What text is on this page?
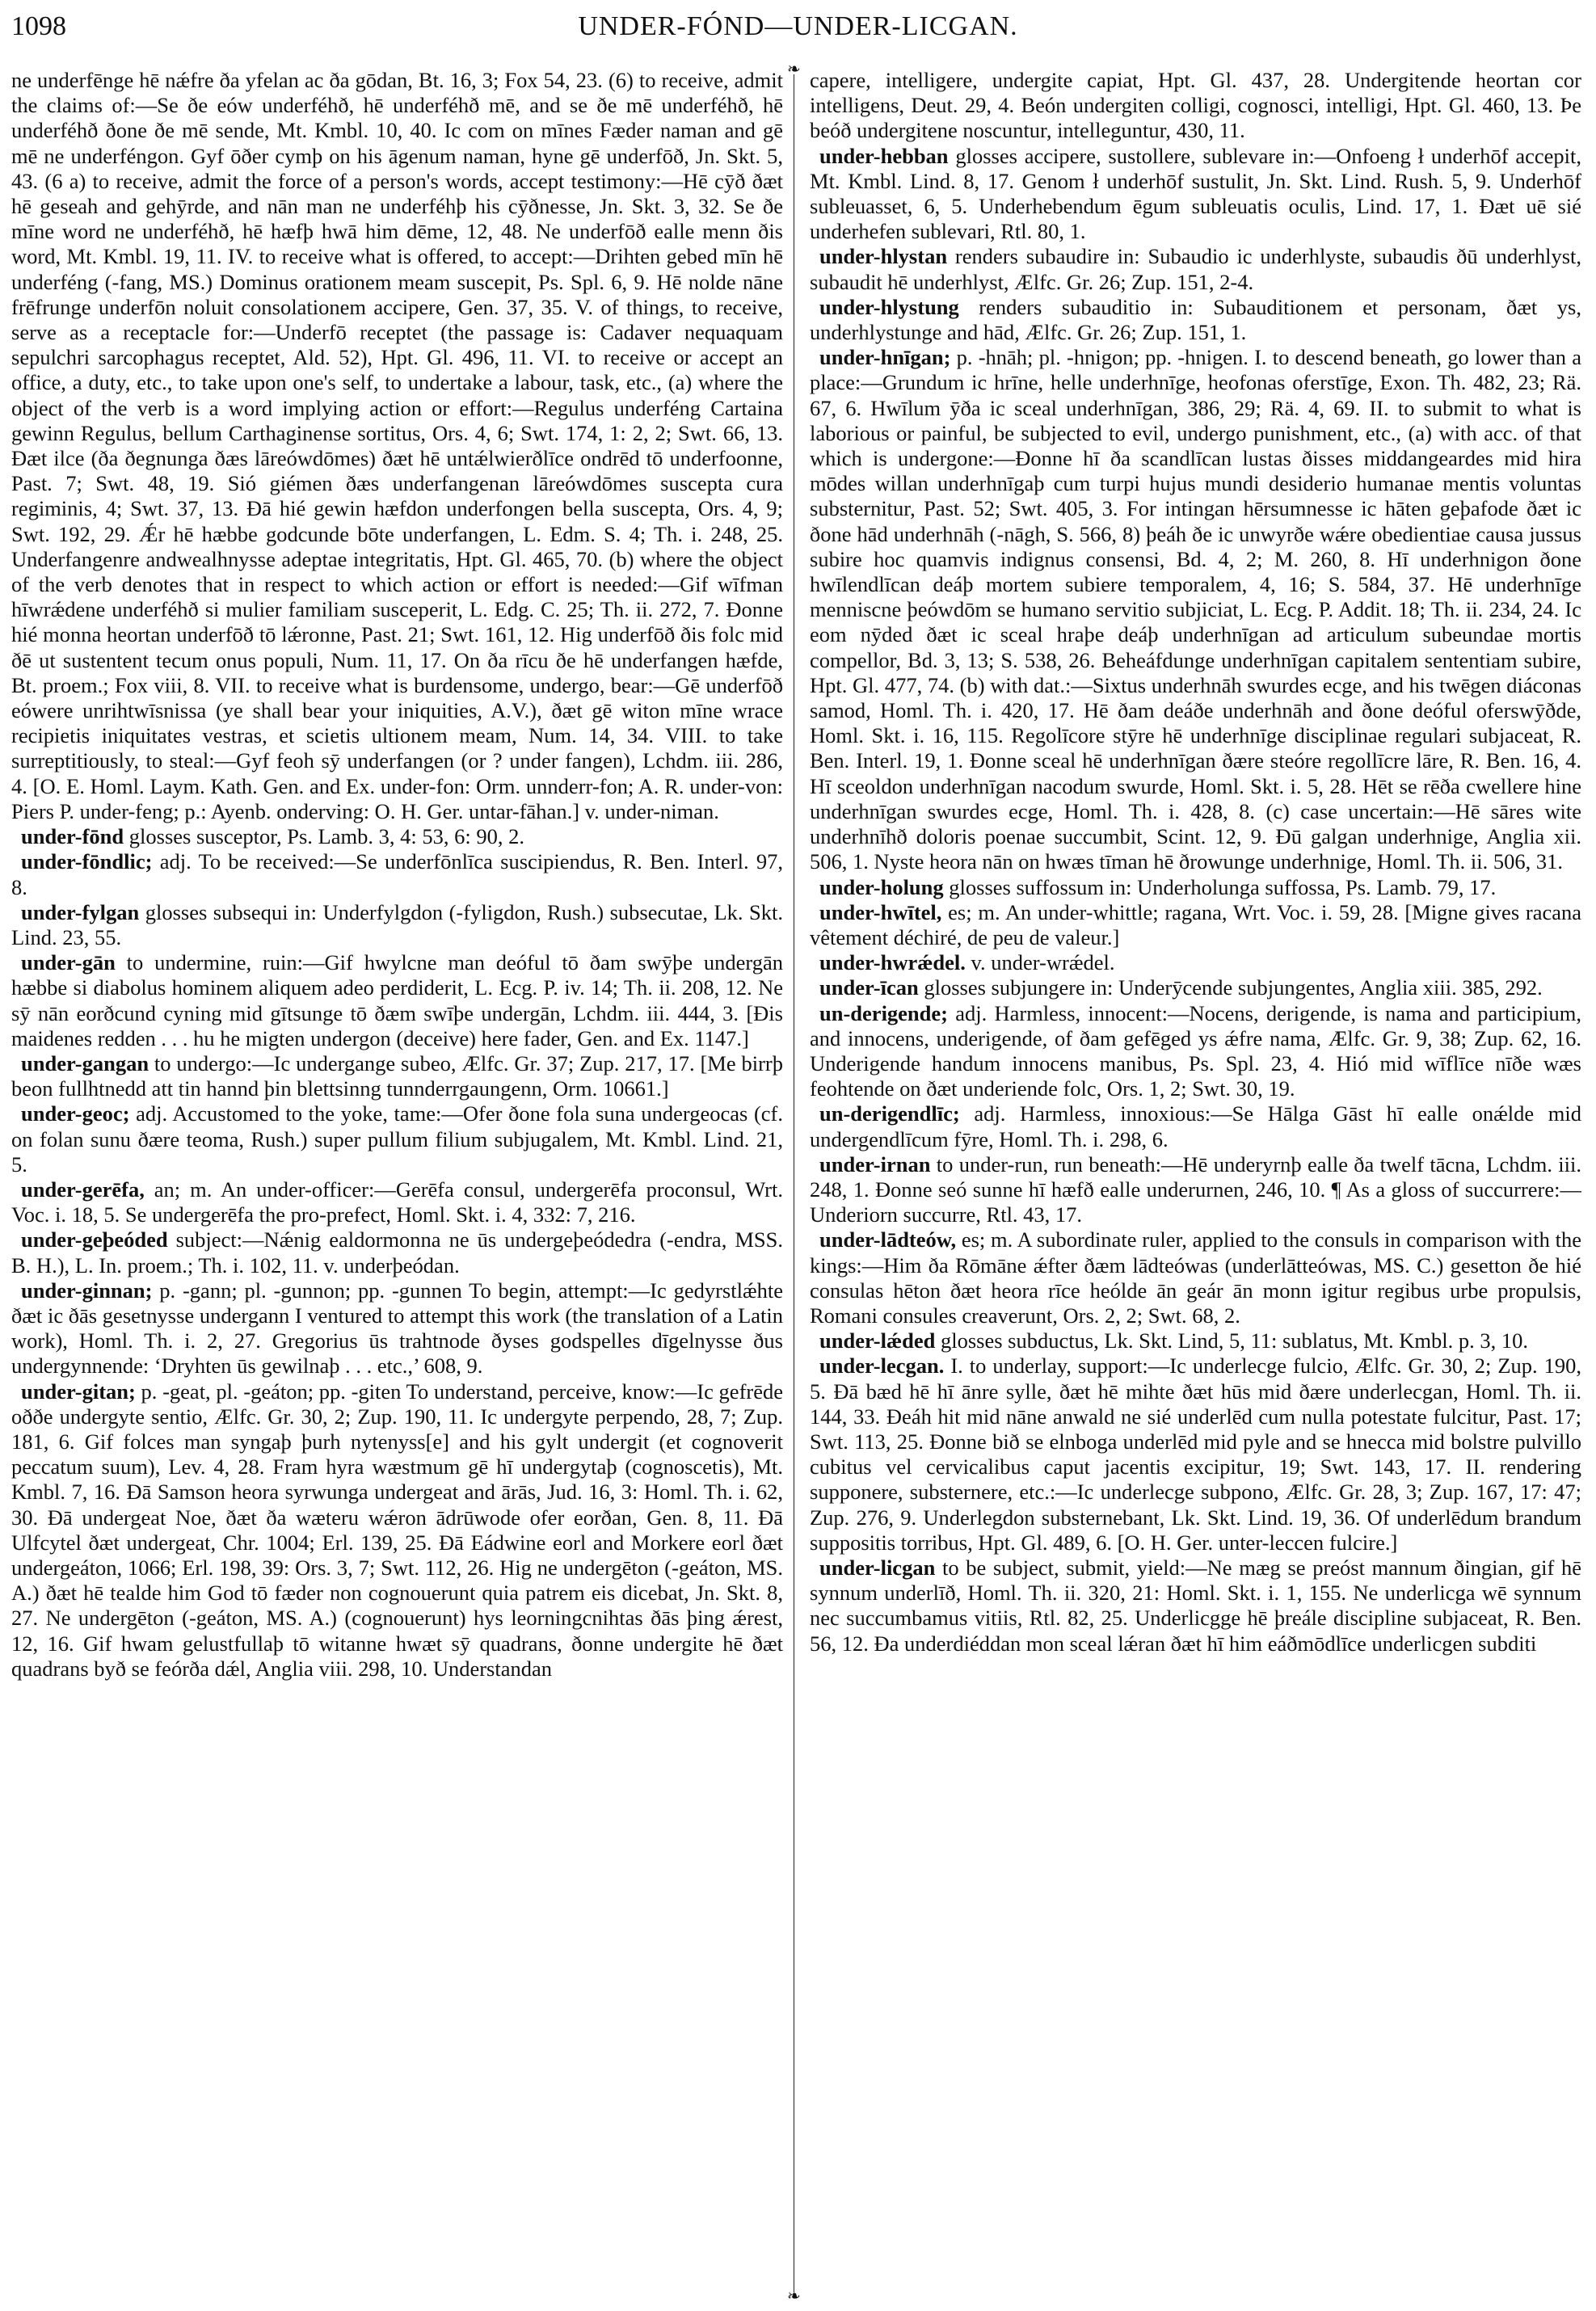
1098	UNDER-FÓND—UNDER-LICGAN.
❧
❧

ne underfēnge hē nǽfre ða yfelan ac ða gōdan, Bt. 16, 3; Fox 54, 23. (6) to receive, admit the claims of:—Se ðe eów underféhð, hē underféhð mē, and se ðe mē underféhð, hē underféhð ðone ðe mē sende, Mt. Kmbl. 10, 40. Ic com on mīnes Fæder naman and gē mē ne underféngon. Gyf ōðer cymþ on his āgenum naman, hyne gē underfōð, Jn. Skt. 5, 43. (6 a) to receive, admit the force of a person's words, accept testimony:—Hē cȳð ðæt hē geseah and gehȳrde, and nān man ne underféhþ his cȳðnesse, Jn. Skt. 3, 32. Se ðe mīne word ne underféhð, hē hæfþ hwā him dēme, 12, 48. Ne underfōð ealle menn ðis word, Mt. Kmbl. 19, 11. IV. to receive what is offered, to accept:—Drihten gebed mīn hē underféng (-fang, MS.) Dominus orationem meam suscepit, Ps. Spl. 6, 9. Hē nolde nāne frēfrunge underfōn noluit consolationem accipere, Gen. 37, 35. V. of things, to receive, serve as a receptacle for:—Underfō receptet (the passage is: Cadaver nequaquam sepulchri sarcophagus receptet, Ald. 52), Hpt. Gl. 496, 11. VI. to receive or accept an office, a duty, etc., to take upon one's self, to undertake a labour, task, etc., (a) where the object of the verb is a word implying action or effort:—Regulus underféng Cartaina gewinn Regulus, bellum Carthaginense sortitus, Ors. 4, 6; Swt. 174, 1: 2, 2; Swt. 66, 13. Ðæt ilce (ða ðegnunga ðæs lāreówdōmes) ðæt hē untǽlwierðlīce ondrēd tō underfoonne, Past. 7; Swt. 48, 19. Sió giémen ðæs underfangenan lāreówdōmes suscepta cura regiminis, 4; Swt. 37, 13. Ðā hié gewin hæfdon underfongen bella suscepta, Ors. 4, 9; Swt. 192, 29. Ǽr hē hæbbe godcunde bōte underfangen, L. Edm. S. 4; Th. i. 248, 25. Underfangenre andwealhnysse adeptae integritatis, Hpt. Gl. 465, 70. (b) where the object of the verb denotes that in respect to which action or effort is needed:—Gif wīfman hīwrǽdene underféhð si mulier familiam susceperit, L. Edg. C. 25; Th. ii. 272, 7. Ðonne hié monna heortan underfōð tō lǽronne, Past. 21; Swt. 161, 12. Hig underfōð ðis folc mid ðē ut sustentent tecum onus populi, Num. 11, 17. On ða rīcu ðe hē underfangen hæfde, Bt. proem.; Fox viii, 8. VII. to receive what is burdensome, undergo, bear:—Gē underfōð eówere unrihtwīsnissa (ye shall bear your iniquities, A.V.), ðæt gē witon mīne wrace recipietis iniquitates vestras, et scietis ultionem meam, Num. 14, 34. VIII. to take surreptitiously, to steal:—Gyf feoh sȳ underfangen (or ? under fangen), Lchdm. iii. 286, 4. [O. E. Homl. Laym. Kath. Gen. and Ex. under-fon: Orm. unnderr-fon; A. R. under-von: Piers P. under-feng; p.: Ayenb. onderving: O. H. Ger. untar-fāhan.] v. under-niman.

under-fōnd glosses susceptor, Ps. Lamb. 3, 4: 53, 6: 90, 2.

under-fōndlic; adj. To be received:—Se underfōnlīca suscipiendus, R. Ben. Interl. 97, 8.

under-fylgan glosses subsequi in: Underfylgdon (-fyligdon, Rush.) subsecutae, Lk. Skt. Lind. 23, 55.

under-gān to undermine, ruin:—Gif hwylcne man deóful tō ðam swȳþe undergān hæbbe si diabolus hominem aliquem adeo perdiderit, L. Ecg. P. iv. 14; Th. ii. 208, 12. Ne sȳ nān eorðcund cyning mid gītsunge tō ðæm swīþe undergān, Lchdm. iii. 444, 3. [Ðis maidenes redden . . . hu he migten undergon (deceive) here fader, Gen. and Ex. 1147.]

under-gangan to undergo:—Ic undergange subeo, Ælfc. Gr. 37; Zup. 217, 17. [Me birrþ beon fullhtnedd att tin hannd þin blettsinng tunnderrgaungenn, Orm. 10661.]

under-geoc; adj. Accustomed to the yoke, tame:—Ofer ðone fola suna undergeocas (cf. on folan sunu ðære teoma, Rush.) super pullum filium subjugalem, Mt. Kmbl. Lind. 21, 5.

under-gerēfa, an; m. An under-officer:—Gerēfa consul, undergerēfa proconsul, Wrt. Voc. i. 18, 5. Se undergerēfa the pro-prefect, Homl. Skt. i. 4, 332: 7, 216.

under-geþeóded subject:—Nǽnig ealdormonna ne ūs undergeþeódedra (-endra, MSS. B. H.), L. In. proem.; Th. i. 102, 11. v. underþeódan.

under-ginnan; p. -gann; pl. -gunnon; pp. -gunnen To begin, attempt:—Ic gedyrstlǽhte ðæt ic ðās gesetnysse undergann I ventured to attempt this work (the translation of a Latin work), Homl. Th. i. 2, 27. Gregorius ūs trahtnode ðyses godspelles dīgelnysse ðus undergynnende: ‘Dryhten ūs gewilnaþ . . . etc.,’ 608, 9.

under-gitan; p. -geat, pl. -geáton; pp. -giten To understand, perceive, know:—Ic gefrēde oððe undergyte sentio, Ælfc. Gr. 30, 2; Zup. 190, 11. Ic undergyte perpendo, 28, 7; Zup. 181, 6. Gif folces man syngaþ þurh nytenyss[e] and his gylt undergit (et cognoverit peccatum suum), Lev. 4, 28. Fram hyra wæstmum gē hī undergytaþ (cognoscetis), Mt. Kmbl. 7, 16. Ðā Samson heora syrwunga undergeat and ārās, Jud. 16, 3: Homl. Th. i. 62, 30. Ðā undergeat Noe, ðæt ða wæteru wǽron ādrūwode ofer eorðan, Gen. 8, 11. Ðā Ulfcytel ðæt undergeat, Chr. 1004; Erl. 139, 25. Ðā Eádwine eorl and Morkere eorl ðæt undergeáton, 1066; Erl. 198, 39: Ors. 3, 7; Swt. 112, 26. Hig ne undergēton (-geáton, MS. A.) ðæt hē tealde him God tō fæder non cognouerunt quia patrem eis dicebat, Jn. Skt. 8, 27. Ne undergēton (-geáton, MS. A.) (cognouerunt) hys leorningcnihtas ðās þing ǽrest, 12, 16. Gif hwam gelustfullaþ tō witanne hwæt sȳ quadrans, ðonne undergite hē ðæt quadrans byð se feórða dǽl, Anglia viii. 298, 10. Understandan

capere, intelligere, undergite capiat, Hpt. Gl. 437, 28. Undergitende heortan cor intelligens, Deut. 29, 4. Beón undergiten colligi, cognosci, intelligi, Hpt. Gl. 460, 13. Þe beóð undergitene noscuntur, intelleguntur, 430, 11.

under-hebban glosses accipere, sustollere, sublevare in:—Onfoeng ł underhōf accepit, Mt. Kmbl. Lind. 8, 17. Genom ł underhōf sustulit, Jn. Skt. Lind. Rush. 5, 9. Underhōf subleuasset, 6, 5. Underhebendum ēgum subleuatis oculis, Lind. 17, 1. Ðæt uē sié underhefen sublevari, Rtl. 80, 1.

under-hlystan renders subaudire in: Subaudio ic underhlyste, subaudis ðū underhlyst, subaudit hē underhlyst, Ælfc. Gr. 26; Zup. 151, 2-4.

under-hlystung renders subauditio in: Subauditionem et personam, ðæt ys, underhlystunge and hād, Ælfc. Gr. 26; Zup. 151, 1.

under-hnīgan; p. -hnāh; pl. -hnigon; pp. -hnigen. I. to descend beneath, go lower than a place:—Grundum ic hrīne, helle underhnīge, heofonas oferstīge, Exon. Th. 482, 23; Rä. 67, 6. Hwīlum ȳða ic sceal underhnīgan, 386, 29; Rä. 4, 69. II. to submit to what is laborious or painful, be subjected to evil, undergo punishment, etc., (a) with acc. of that which is undergone:—Ðonne hī ða scandlīcan lustas ðisses middangeardes mid hira mōdes willan underhnīgaþ cum turpi hujus mundi desiderio humanae mentis voluntas substernitur, Past. 52; Swt. 405, 3. For intingan hērsumnesse ic hāten geþafode ðæt ic ðone hād underhnāh (-nāgh, S. 566, 8) þeáh ðe ic unwyrðe wǽre obedientiae causa jussus subire hoc quamvis indignus consensi, Bd. 4, 2; M. 260, 8. Hī underhnigon ðone hwīlendlīcan deáþ mortem subiere temporalem, 4, 16; S. 584, 37. Hē underhnīge mennisсne þeówdōm se humano servitio subjiciat, L. Ecg. P. Addit. 18; Th. ii. 234, 24. Ic eom nȳded ðæt ic sceal hraþe deáþ underhnīgan ad articulum subeundae mortis compellor, Bd. 3, 13; S. 538, 26. Beheáfdunge underhnīgan capitalem sententiam subire, Hpt. Gl. 477, 74. (b) with dat.:—Sixtus underhnāh swurdes ecge, and his twēgen diáconas samod, Homl. Th. i. 420, 17. Hē ðam deáðe underhnāh and ðone deóful oferswȳðde, Homl. Skt. i. 16, 115. Regolīcore stȳre hē underhnīge disciplinae regulari subjaceat, R. Ben. Interl. 19, 1. Ðonne sceal hē underhnīgan ðære steóre regollīcre lāre, R. Ben. 16, 4. Hī sceoldon underhnīgan nacodum swurde, Homl. Skt. i. 5, 28. Hēt se rēða cwellere hine underhnīgan swurdes ecge, Homl. Th. i. 428, 8. (c) case uncertain:—Hē sāres wite underhnīhð doloris poenae succumbit, Scint. 12, 9. Ðū galgan underhnige, Anglia xii. 506, 1. Nyste heora nān on hwæs tīman hē ðrowunge underhnige, Homl. Th. ii. 506, 31.

under-holung glosses suffossum in: Underholunga suffossa, Ps. Lamb. 79, 17.

under-hwītel, es; m. An under-whittle; ragana, Wrt. Voc. i. 59, 28. [Migne gives racana vêtement déchiré, de peu de valeur.]

under-hwrǽdel. v. under-wrǽdel.

under-īcan glosses subjungere in: Underȳcende subjungentes, Anglia xiii. 385, 292.

un-derigende; adj. Harmless, innocent:—Nocens, derigende, is nama and participium, and innocens, underigende, of ðam gefēged ys ǽfre nama, Ælfc. Gr. 9, 38; Zup. 62, 16. Underigende handum innocens manibus, Ps. Spl. 23, 4. Hió mid wīflīce nīðe wæs feohtende on ðæt underiende folc, Ors. 1, 2; Swt. 30, 19.

un-derigendlīc; adj. Harmless, innoxious:—Se Hālga Gāst hī ealle onǽlde mid undergendlīcum fȳre, Homl. Th. i. 298, 6.

under-irnan to under-run, run beneath:—Hē underyrnþ ealle ða twelf tācna, Lchdm. iii. 248, 1. Ðonne seó sunne hī hæfð ealle underurnen, 246, 10. ¶ As a gloss of succurrere:—Underiorn succurre, Rtl. 43, 17.

under-lādteów, es; m. A subordinate ruler, applied to the consuls in comparison with the kings:—Him ða Rōmāne ǽfter ðæm lādteówas (underlātteówas, MS. C.) gesetton ðe hié consulas hēton ðæt heora rīce heólde ān geár ān monn igitur regibus urbe propulsis, Romani consules creaverunt, Ors. 2, 2; Swt. 68, 2.

under-lǽded glosses subductus, Lk. Skt. Lind, 5, 11: sublatus, Mt. Kmbl. p. 3, 10.

under-lecgan. I. to underlay, support:—Ic underlecge fulcio, Ælfc. Gr. 30, 2; Zup. 190, 5. Ðā bæd hē hī ānre sylle, ðæt hē mihte ðæt hūs mid ðære underlecgan, Homl. Th. ii. 144, 33. Ðeáh hit mid nāne anwald ne sié underlēd cum nulla potestate fulcitur, Past. 17; Swt. 113, 25. Ðonne bið se elnboga underlēd mid pyle and se hnecca mid bolstre pulvillo cubitus vel cervicalibus caput jacentis excipitur, 19; Swt. 143, 17. II. rendering supponere, substernere, etc.:—Ic underlecge subpono, Ælfc. Gr. 28, 3; Zup. 167, 17: 47; Zup. 276, 9. Underlegdon substernebant, Lk. Skt. Lind. 19, 36. Of underlēdum brandum suppositis torribus, Hpt. Gl. 489, 6. [O. H. Ger. unter-leccen fulcire.]

under-licgan to be subject, submit, yield:—Ne mæg se preóst mannum ðingian, gif hē synnum underlīð, Homl. Th. ii. 320, 21: Homl. Skt. i. 1, 155. Ne underlicga wē synnum nec succumbamus vitiis, Rtl. 82, 25. Underlicgge hē þreále discipline subjaceat, R. Ben. 56, 12. Ða underdiéddan mon sceal lǽran ðæt hī him eáðmōdlīce underlicgen subditi
